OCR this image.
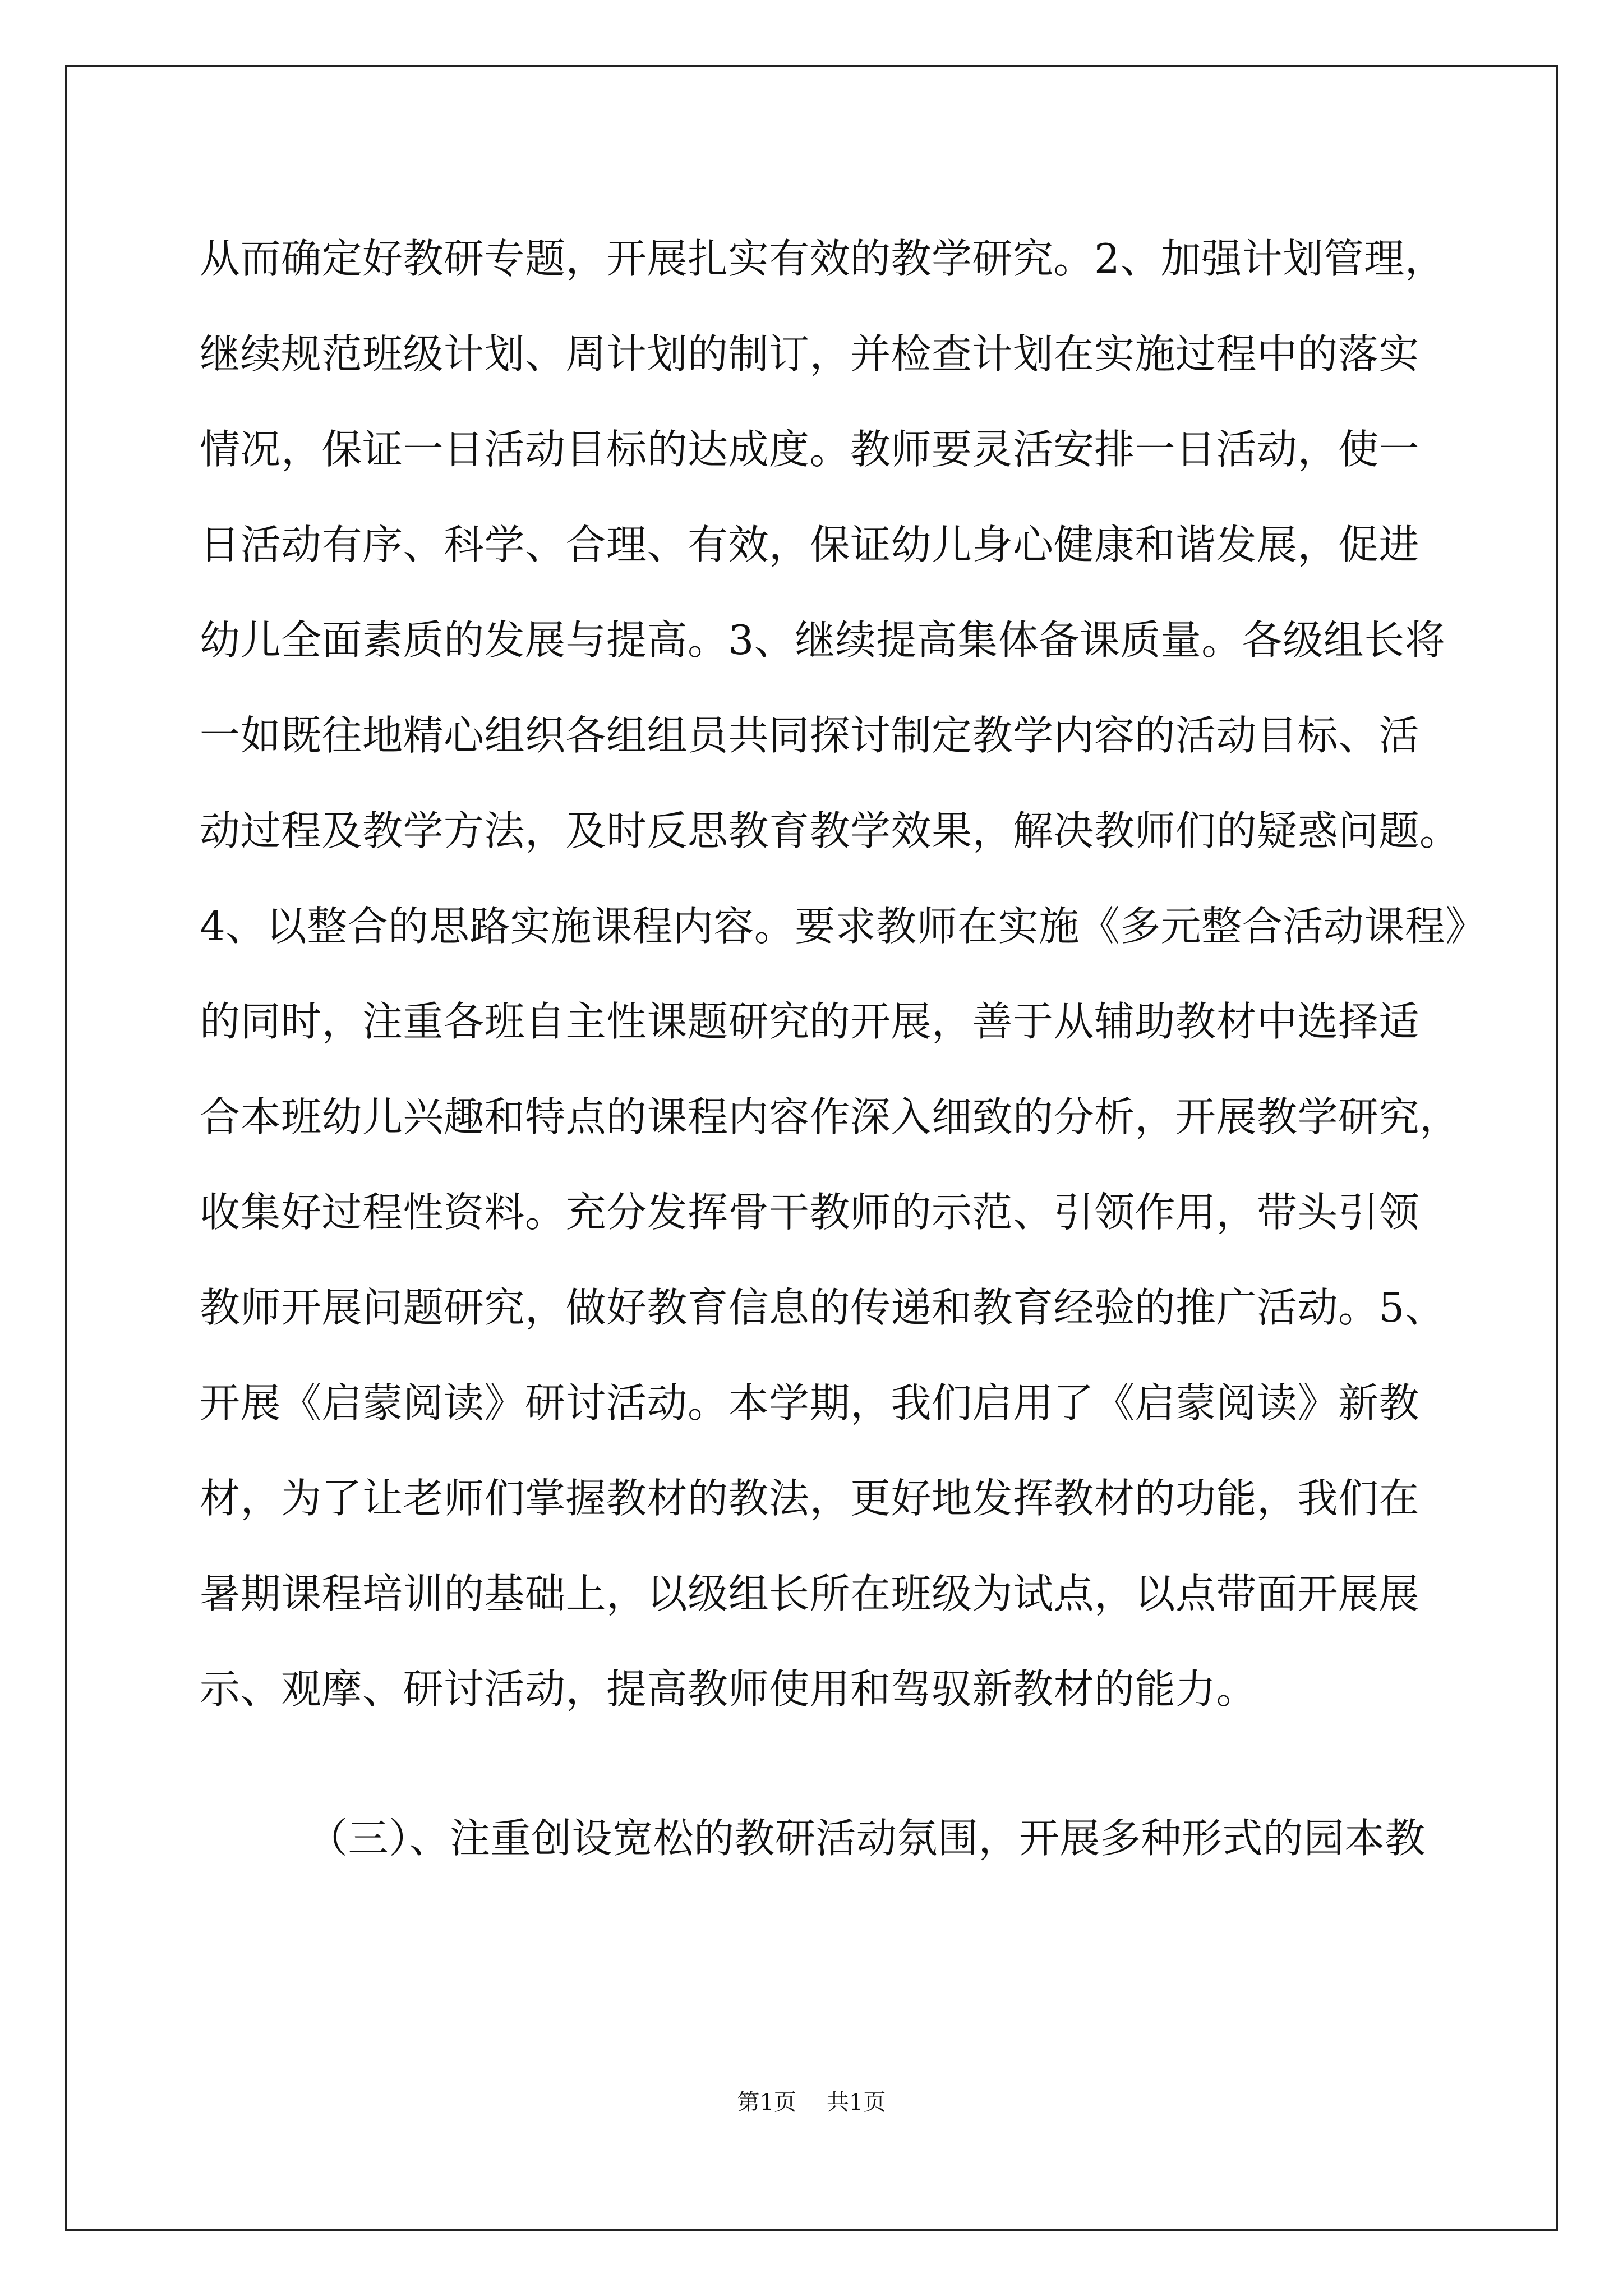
从而确定好教研专题，开展扎实有效的教学研究。2、加强计划管理，
继续规范班级计划、周计划的制订，并检查计划在实施过程中的落实
情况，保证一日活动目标的达成度。教师要灵活安排一日活动，使一
日活动有序、科学、合理、有效，保证幼儿身心健康和谐发展，促进
幼儿全面素质的发展与提高。3、继续提高集体备课质量。各级组长将
一如既往地精心组织各组组员共同探讨制定教学内容的活动目标、活
动过程及教学方法，及时反思教育教学效果，解决教师们的疑惑问题。
4、以整合的思路实施课程内容。要求教师在实施《多元整合活动课程》
的同时，注重各班自主性课题研究的开展，善于从辅助教材中选择适
合本班幼儿兴趣和特点的课程内容作深入细致的分析，开展教学研究，
收集好过程性资料。充分发挥骨干教师的示范、引领作用，带头引领
教师开展问题研究，做好教育信息的传递和教育经验的推广活动。5、
开展《启蒙阅读》研讨活动。本学期，我们启用了《启蒙阅读》新教
材，为了让老师们掌握教材的教法，更好地发挥教材的功能，我们在
暑期课程培训的基础上，以级组长所在班级为试点，以点带面开展展
示、观摩、研讨活动，提高教师使用和驾驭新教材的能力。
（三）、注重创设宽松的教研活动氛围，开展多种形式的园本教
第1页 共1页
